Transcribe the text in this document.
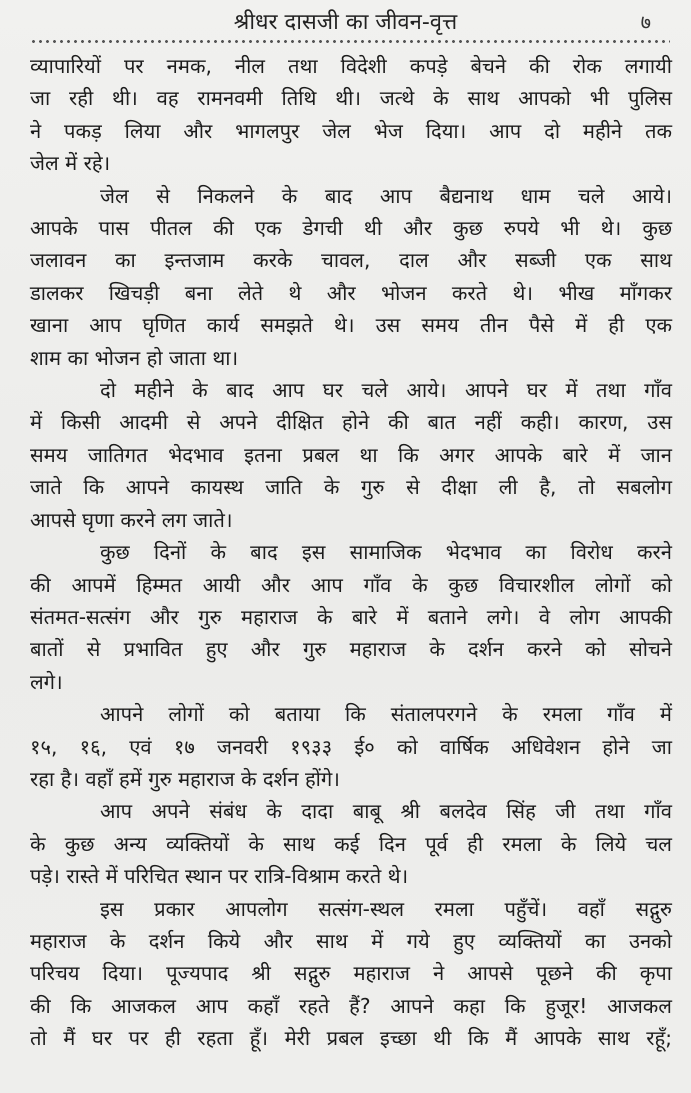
श्रीधर दासजी का जीवन-वृत्त	७

व्यापारियों पर नमक, नील तथा विदेशी कपड़े बेचने की रोक लगायी
जा रही थी। वह रामनवमी तिथि थी। जत्थे के साथ आपको भी पुलिस
ने पकड़ लिया और भागलपुर जेल भेज दिया। आप दो महीने तक
जेल में रहे।

जेल से निकलने के बाद आप बैद्यनाथ धाम चले आये।
आपके पास पीतल की एक डेगची थी और कुछ रुपये भी थे। कुछ
जलावन का इन्तजाम करके चावल, दाल और सब्जी एक साथ
डालकर खिचड़ी बना लेते थे और भोजन करते थे। भीख माँगकर
खाना आप घृणित कार्य समझते थे। उस समय तीन पैसे में ही एक
शाम का भोजन हो जाता था।

दो महीने के बाद आप घर चले आये। आपने घर में तथा गाँव
में किसी आदमी से अपने दीक्षित होने की बात नहीं कही। कारण, उस
समय जातिगत भेदभाव इतना प्रबल था कि अगर आपके बारे में जान
जाते कि आपने कायस्थ जाति के गुरु से दीक्षा ली है, तो सबलोग
आपसे घृणा करने लग जाते।

कुछ दिनों के बाद इस सामाजिक भेदभाव का विरोध करने
की आपमें हिम्मत आयी और आप गाँव के कुछ विचारशील लोगों को
संतमत-सत्संग और गुरु महाराज के बारे में बताने लगे। वे लोग आपकी
बातों से प्रभावित हुए और गुरु महाराज के दर्शन करने को सोचने
लगे।

आपने लोगों को बताया कि संतालपरगने के रमला गाँव में
१५, १६, एवं १७ जनवरी १९३३ ई० को वार्षिक अधिवेशन होने जा
रहा है। वहाँ हमें गुरु महाराज के दर्शन होंगे।

आप अपने संबंध के दादा बाबू श्री बलदेव सिंह जी तथा गाँव
के कुछ अन्य व्यक्तियों के साथ कई दिन पूर्व ही रमला के लिये चल
पड़े। रास्ते में परिचित स्थान पर रात्रि-विश्राम करते थे।

इस प्रकार आपलोग सत्संग-स्थल रमला पहुँचें। वहाँ सद्गुरु
महाराज के दर्शन किये और साथ में गये हुए व्यक्तियों का उनको
परिचय दिया। पूज्यपाद श्री सद्गुरु महाराज ने आपसे पूछने की कृपा
की कि आजकल आप कहाँ रहते हैं? आपने कहा कि हुजूर! आजकल
तो मैं घर पर ही रहता हूँ। मेरी प्रबल इच्छा थी कि मैं आपके साथ रहूँ;
